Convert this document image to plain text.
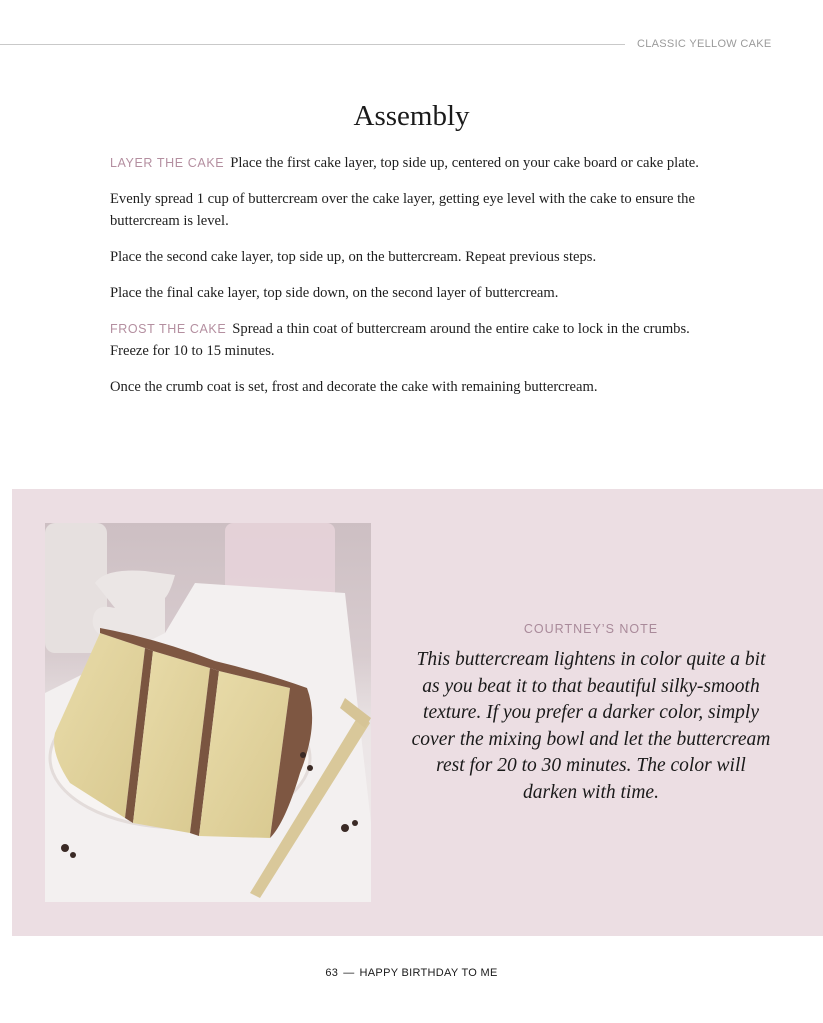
CLASSIC YELLOW CAKE
Assembly

LAYER THE CAKE Place the first cake layer, top side up, centered on your cake board or cake plate.

Evenly spread 1 cup of buttercream over the cake layer, getting eye level with the cake to ensure the buttercream is level.

Place the second cake layer, top side up, on the buttercream. Repeat previous steps.

Place the final cake layer, top side down, on the second layer of buttercream.

FROST THE CAKE Spread a thin coat of buttercream around the entire cake to lock in the crumbs. Freeze for 10 to 15 minutes.

Once the crumb coat is set, frost and decorate the cake with remaining buttercream.

COURTNEY’S NOTE
This buttercream lightens in color quite a bit as you beat it to that beautiful silky-smooth texture. If you prefer a darker color, simply cover the mixing bowl and let the buttercream rest for 20 to 30 minutes. The color will darken with time.
63 — HAPPY BIRTHDAY TO ME
